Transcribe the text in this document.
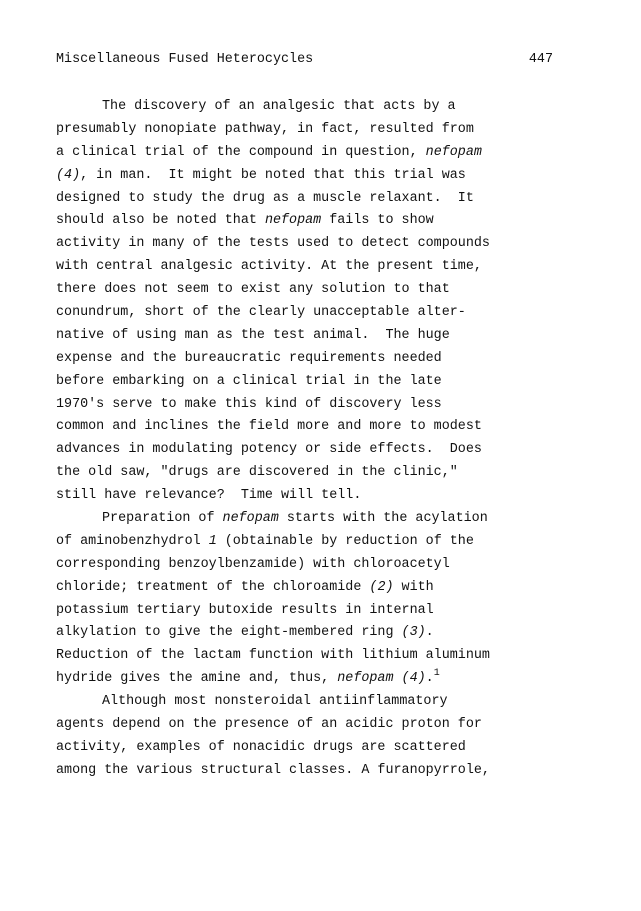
Miscellaneous Fused Heterocycles	447
The discovery of an analgesic that acts by a
presumably nonopiate pathway, in fact, resulted from
a clinical trial of the compound in question, nefopam
(4), in man.  It might be noted that this trial was
designed to study the drug as a muscle relaxant.  It
should also be noted that nefopam fails to show
activity in many of the tests used to detect compounds
with central analgesic activity. At the present time,
there does not seem to exist any solution to that
conundrum, short of the clearly unacceptable alter-
native of using man as the test animal.  The huge
expense and the bureaucratic requirements needed
before embarking on a clinical trial in the late
1970's serve to make this kind of discovery less
common and inclines the field more and more to modest
advances in modulating potency or side effects.  Does
the old saw, "drugs are discovered in the clinic,"
still have relevance?  Time will tell.
Preparation of nefopam starts with the acylation
of aminobenzhydrol 1 (obtainable by reduction of the
corresponding benzoylbenzamide) with chloroacetyl
chloride; treatment of the chloroamide (2) with
potassium tertiary butoxide results in internal
alkylation to give the eight-membered ring (3).
Reduction of the lactam function with lithium aluminum
hydride gives the amine and, thus, nefopam (4).$^1$
Although most nonsteroidal antiinflammatory
agents depend on the presence of an acidic proton for
activity, examples of nonacidic drugs are scattered
among the various structural classes. A furanopyrrole,
